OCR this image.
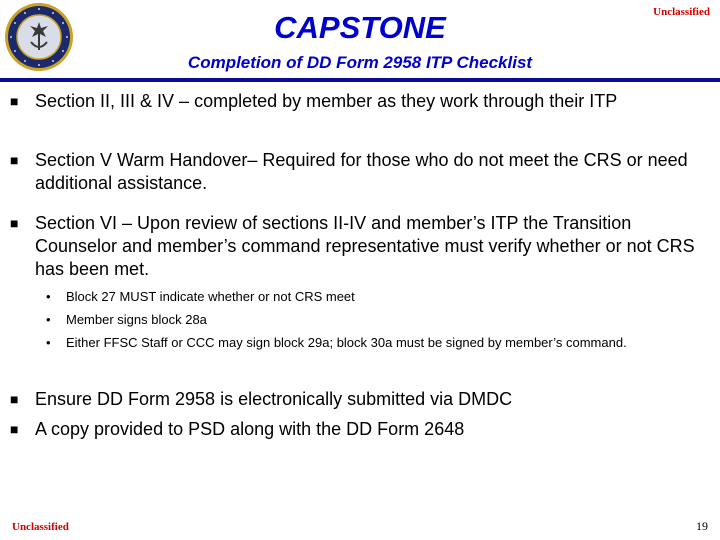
Unclassified
CAPSTONE
Completion of DD Form 2958 ITP Checklist
■ Section II, III & IV – completed by member as they work through their ITP
■ Section V Warm Handover– Required for those who do not meet the CRS or need additional assistance.
■ Section VI – Upon review of sections II-IV and member’s ITP the Transition Counselor and member’s command representative must verify whether or not CRS has been met.
• Block 27 MUST indicate whether or not CRS meet
• Member signs block 28a
• Either FFSC Staff or CCC may sign block 29a; block 30a must be signed by member’s command.
■ Ensure DD Form 2958 is electronically submitted via DMDC
■ A copy provided to PSD along with the DD Form 2648
Unclassified	19
